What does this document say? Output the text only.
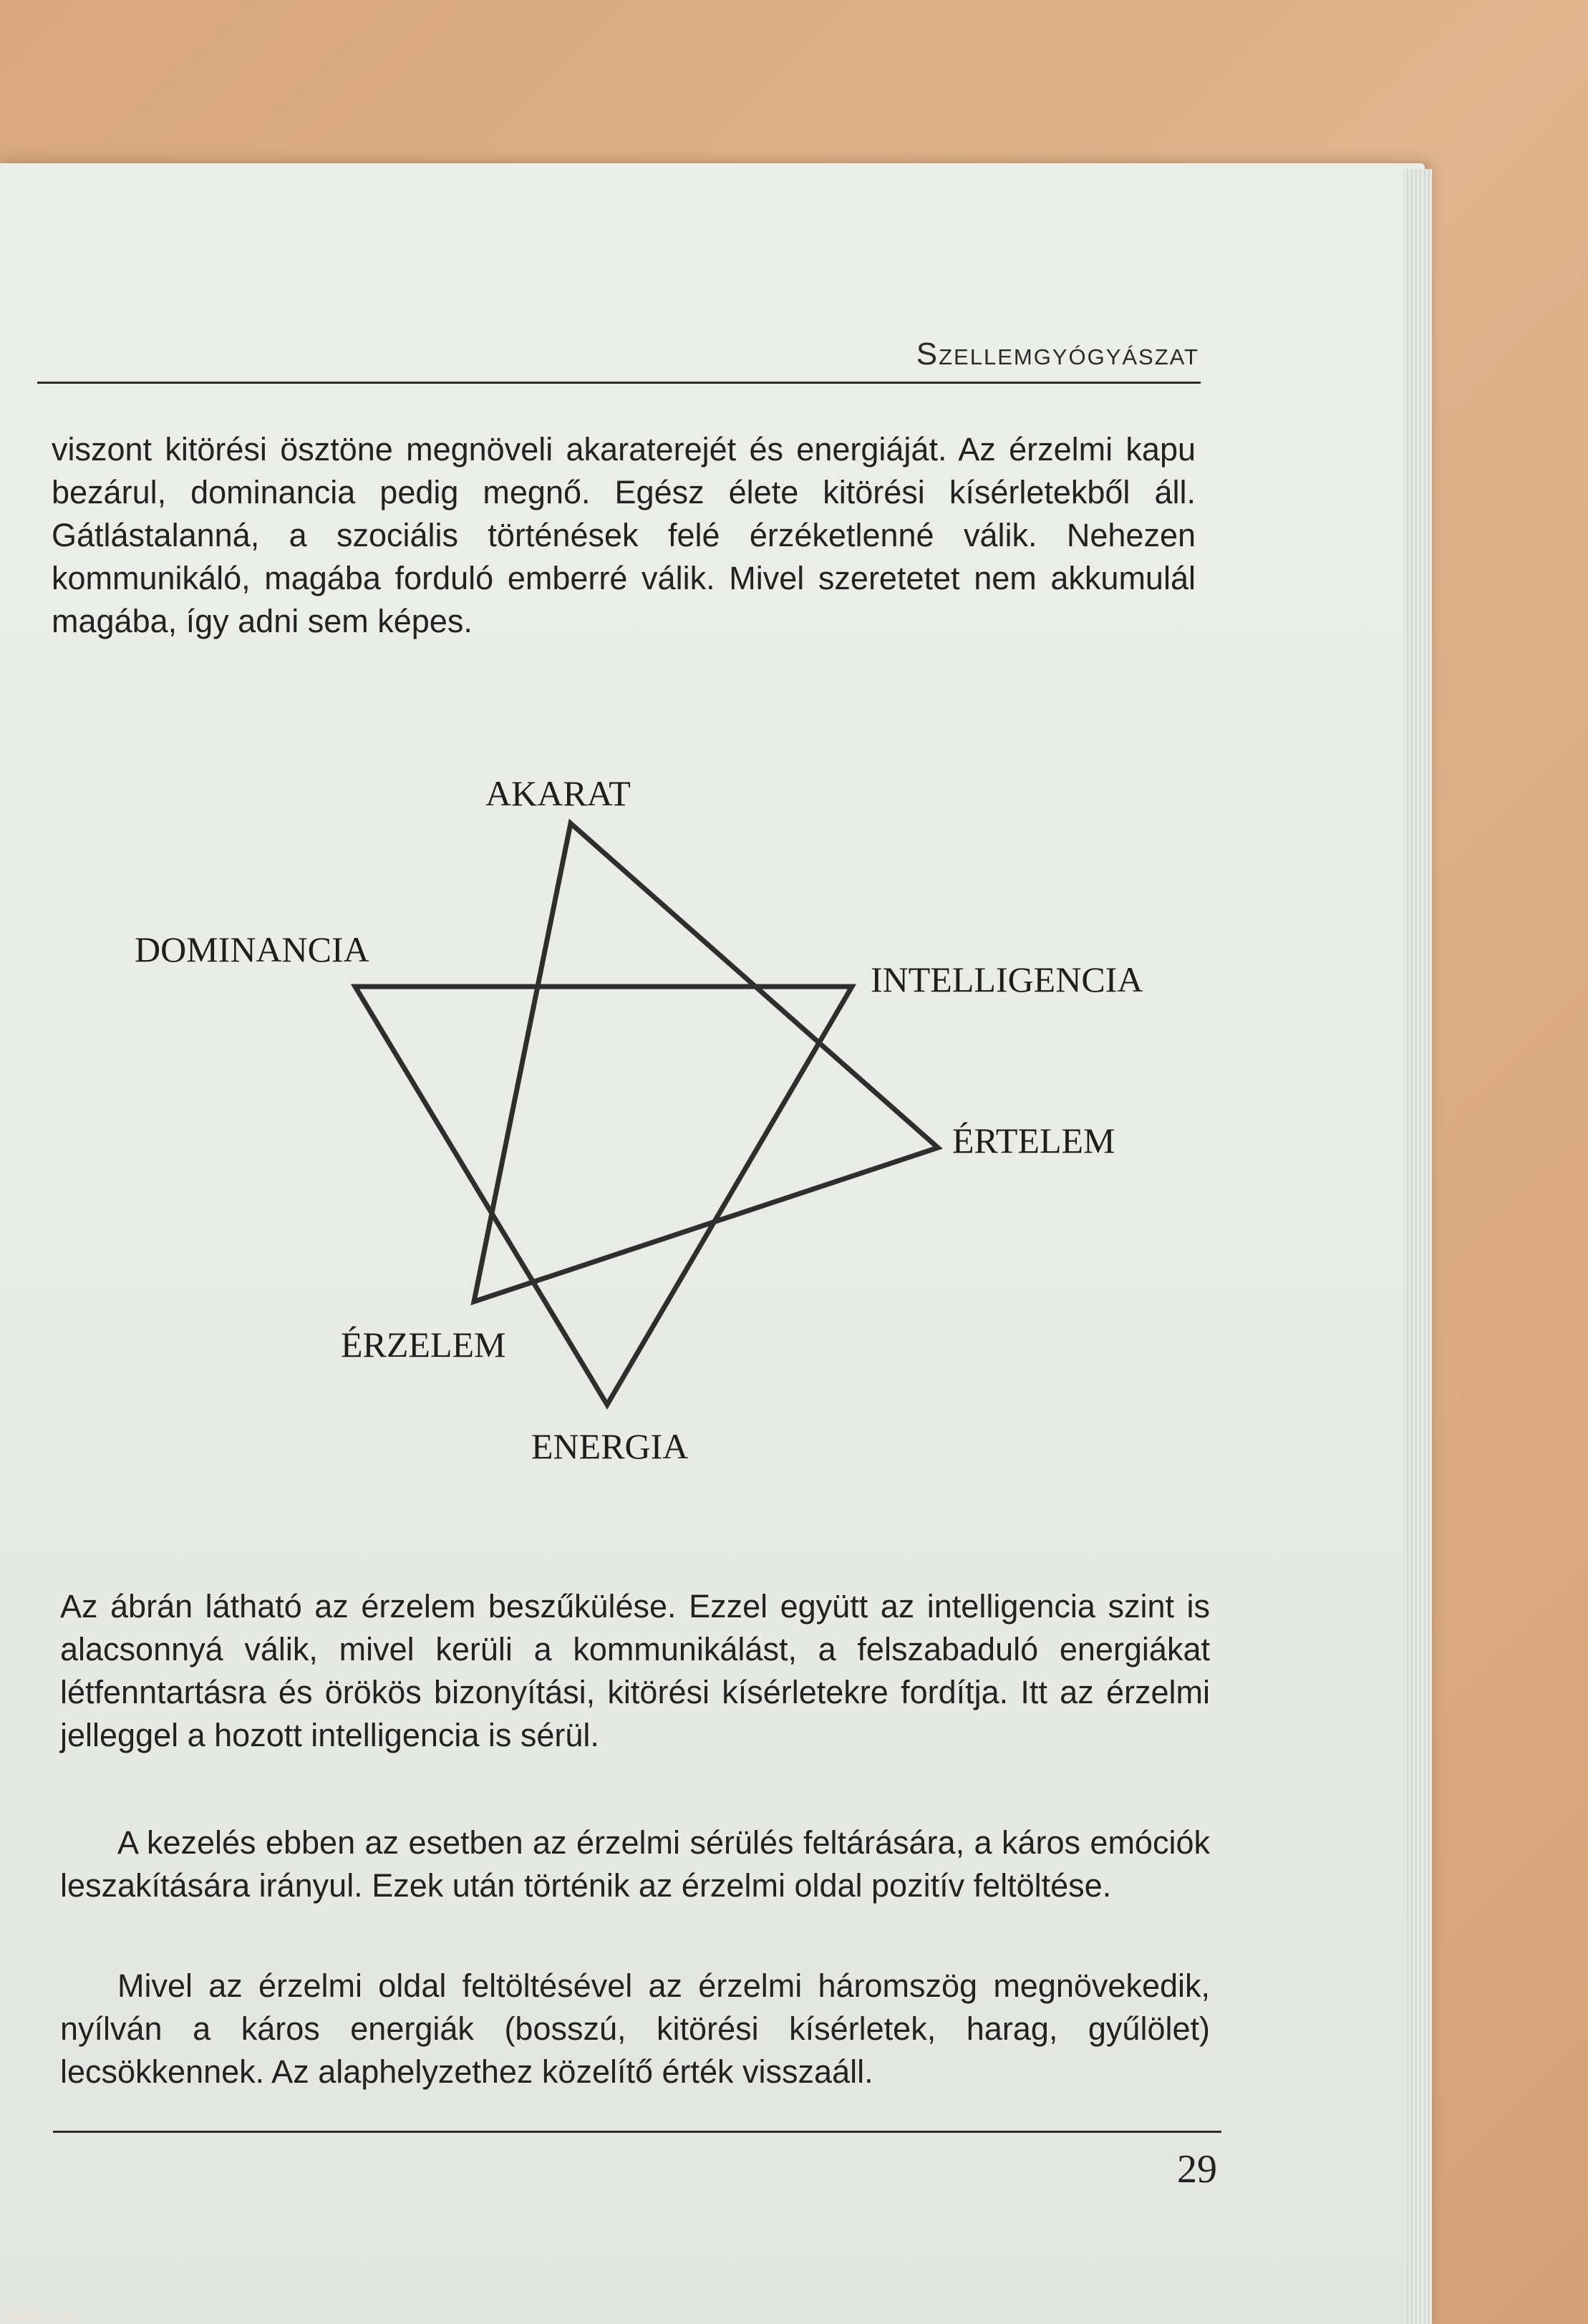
Szellemgyógyászat

viszont kitörési ösztöne megnöveli akaraterejét és energiáját. Az érzelmi kapu bezárul, dominancia pedig megnő. Egész élete kitörési kísérletekből áll. Gátlástalanná, a szociális történések felé érzéketlenné válik. Nehezen kommunikáló, magába forduló emberré válik. Mivel szeretetet nem akkumulál magába, így adni sem képes.

AKARAT
DOMINANCIA
INTELLIGENCIA
ÉRTELEM
ÉRZELEM
ENERGIA

Az ábrán látható az érzelem beszűkülése. Ezzel együtt az intelligencia szint is alacsonnyá válik, mivel kerüli a kommunikálást, a felszabaduló energiákat létfenntartásra és örökös bizonyítási, kitörési kísérletekre fordítja. Itt az érzelmi jelleggel a hozott intelligencia is sérül.

A kezelés ebben az esetben az érzelmi sérülés feltárására, a káros emóciók leszakítására irányul. Ezek után történik az érzelmi oldal pozitív feltöltése.

Mivel az érzelmi oldal feltöltésével az érzelmi háromszög megnövekedik, nyílván a káros energiák (bosszú, kitörési kísérletek, harag, gyűlölet) lecsökkennek. Az alaphelyzethez közelítő érték visszaáll.

29
Antikvarium.hu
